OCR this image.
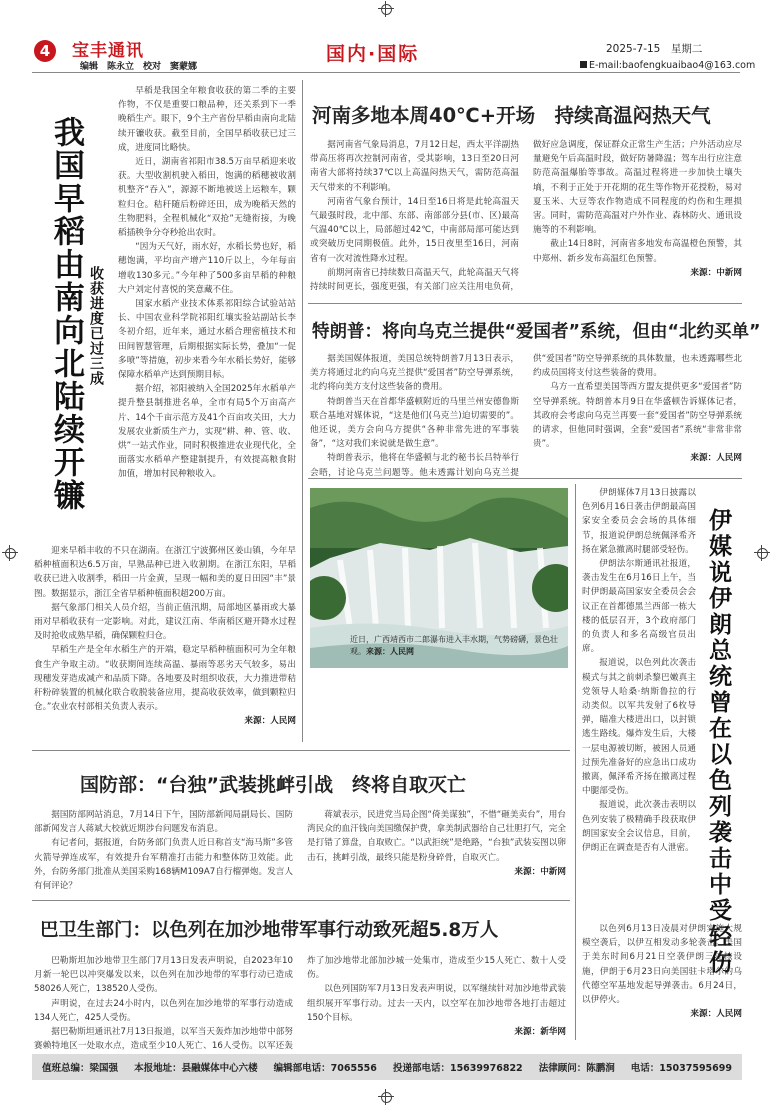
4	宝丰通讯
编辑　陈永立　校对　窦蒙娜
国内·国际	2025-7-15　星期二
E-mail:baofengkuaibao4@163.com
我国早稻由南向北陆续开镰 收获进度已过三成

早稻是我国全年粮食收获的第二季的主要作物，不仅是重要口粮品种，还关系到下一季晚稻生产。眼下，9个主产省份早稻由南向北陆续开镰收获。截至目前，全国早稻收获已过三成，进度同比略快。

近日，湖南省祁阳市38.5万亩早稻迎来收获。大型收割机驶入稻田，饱满的稻穗被收割机整齐“吞入”，源源不断地被送上运粮车，颗粒归仓。秸秆随后粉碎还田，成为晚稻天然的生物肥料，全程机械化“双抢”无缝衔接，为晚稻插秧争分夺秒抢出农时。

“因为天气好，雨水好，水稻长势也好，稻穗饱满，平均亩产增产110斤以上，今年每亩增收130多元。”今年种了500多亩早稻的种粮大户刘定付喜悦的笑意藏不住。

国家水稻产业技术体系祁阳综合试验站站长、中国农业科学院祁阳红壤实验站副站长李冬初介绍，近年来，通过水稻合理密植技术和田间智慧管理，后期根据实际长势，叠加“一促多喷”等措施，初步来看今年水稻长势好，能够保障水稻单产达到预期目标。

据介绍，祁阳被纳入全国2025年水稻单产提升整县制推进名单，全市有局5个万亩高产片、14个千亩示范方及41个百亩攻关田，大力发展农业新质生产力，实现“耕、种、管、收、烘”一站式作业，同时积极推进农业现代化，全面落实水稻单产整建制提升，有效提高粮食附加值，增加村民种粮收入。

迎来早稻丰收的不只在湖南。在浙江宁波鄞州区姜山镇，今年早稻种植面积达6.5万亩，早熟品种已进入收割期。在浙江东阳，早稻收获已进入收割季，稻田一片金黄，呈现一幅和美的夏日田园“丰”景图。数据显示，浙江全省早稻种植面积超200万亩。

据气象部门相关人员介绍，当前正值汛期，局部地区暴雨或大暴雨对早稻收获有一定影响。对此，建议江南、华南稻区避开降水过程及时抢收成熟早稻，确保颗粒归仓。

早稻生产是全年水稻生产的开端，稳定早稻种植面积可为全年粮食生产争取主动。“收获期间连续高温、暴雨等恶劣天气较多，易出现穗发芽造成减产和品质下降。各地要及时组织收获，大力推进带秸秆粉碎装置的机械化联合收脱装备应用，提高收获效率，做到颗粒归仓。”农业农村部相关负责人表示。

来源：人民网
河南多地本周40℃+开场　持续高温闷热天气

据河南省气象局消息，7月12日起，西太平洋副热带高压将再次控制河南省，受其影响，13日至20日河南省大部将持续37℃以上高温闷热天气，需防范高温天气带来的不利影响。

河南省气象台预计，14日至16日将是此轮高温天气最强时段，北中部、东部、南部部分县(市、区)最高气温40℃以上，局部超过42℃，中南部局部可能达到或突破历史同期极值。此外，15日夜里至16日，河南省有一次对流性降水过程。

前期河南省已持续数日高温天气，此轮高温天气将持续时间更长，强度更强，有关部门应关注用电负荷，做好应急调度，保证群众正常生产生活；户外活动应尽量避免午后高温时段，做好防暑降温；驾车出行应注意防范高温爆胎等事故。高温过程将进一步加快土壤失墒，不利于正处于开花期的花生等作物开花授粉，易对夏玉米、大豆等农作物造成不同程度的灼伤和生理损害。同时，需防范高温对户外作业、森林防火、通讯设施等的不利影响。

截止14日8时，河南省多地发布高温橙色预警，其中郑州、新乡发布高温红色预警。

来源：中新网
特朗普：将向乌克兰提供“爱国者”系统，但由“北约买单”

据美国媒体报道，美国总统特朗普7月13日表示，美方将通过北约向乌克兰提供“爱国者”防空导弹系统，北约将向美方支付这些装备的费用。

特朗普当天在首都华盛顿附近的马里兰州安德鲁斯联合基地对媒体说，“这是他们(乌克兰)迫切需要的”。他还说，美方会向乌方提供“各种非常先进的军事装备”，“这对我们来说就是做生意”。

特朗普表示，他将在华盛顿与北约秘书长吕特举行会晤，讨论乌克兰问题等。他未透露计划向乌克兰提供“爱国者”防空导弹系统的具体数量，也未透露哪些北约成员国将支付这些装备的费用。

乌方一直希望美国等西方盟友提供更多“爱国者”防空导弹系统。特朗普本月9日在华盛顿告诉媒体记者，其政府会考虑向乌克兰再要一套“爱国者”防空导弹系统的请求，但他同时强调，全套“爱国者”系统“非常非常贵”。

来源：人民网
近日，广西靖西市二郎瀑布进入丰水期，气势磅礴，景色壮观。来源：人民网

伊朗媒体7月13日披露以色列6月16日袭击伊朗最高国家安全委员会会场的具体细节，报道说伊朗总统佩泽希齐扬在紧急撤离时腿部受轻伤。

伊朗法尔斯通讯社报道，袭击发生在6月16日上午，当时伊朗最高国家安全委员会会议正在首都德黑兰西部一栋大楼的低层召开，3个政府部门的负责人和多名高级官员出席。

报道说，以色列此次袭击模式与其之前刺杀黎巴嫩真主党领导人哈桑·纳斯鲁拉的行动类似。以军共发射了6枚导弹，瞄准大楼进出口，以封锁逃生路线。爆炸发生后，大楼一层电源被切断，被困人员通过预先准备好的应急出口成功撤离，佩泽希齐扬在撤离过程中腿部受伤。

报道说，此次袭击表明以色列安装了极精确手段获取伊朗国家安全会议信息，目前，伊朗正在调查是否有人泄密。 伊媒说伊朗总统曾在以色列袭击中受轻伤

以色列6月13日凌晨对伊朗实施大规模空袭后，以伊互相发动多轮袭击。美国于美东时间6月21日空袭伊朗三处核设施，伊朗于6月23日向美国驻卡塔尔的乌代德空军基地发起导弹袭击。6月24日，以伊停火。

来源：人民网
国防部：“台独”武装挑衅引战　终将自取灭亡

据国防部网站消息，7月14日下午，国防部新闻局副局长、国防部新闻发言人蒋斌大校就近期涉台问题发布消息。

有记者问，据报道，台防务部门负责人近日称首支“海马斯”多管火箭导弹连成军，有效提升台军精准打击能力和整体防卫效能。此外，台防务部门批准从美国采购168辆M109A7自行榴弹炮。发言人有何评论？

蒋斌表示，民进党当局企图“倚美谋独”，不惜“砸美卖台”，用台湾民众的血汗钱向美国缴保护费，拿美制武器给自己壮胆打气，完全是打错了算盘，自取败亡。“以武拒统”是绝路，“台独”武装妄图以卵击石，挑衅引战，最终只能是粉身碎骨，自取灭亡。

来源：中新网
巴卫生部门：以色列在加沙地带军事行动致死超5.8万人

巴勒斯坦加沙地带卫生部门7月13日发表声明说，自2023年10月新一轮巴以冲突爆发以来，以色列在加沙地带的军事行动已造成58026人死亡，138520人受伤。

声明说，在过去24小时内，以色列在加沙地带的军事行动造成134人死亡，425人受伤。

据巴勒斯坦通讯社7月13日报道，以军当天轰炸加沙地带中部努赛赖特地区一处取水点，造成至少10人死亡、16人受伤。以军还轰炸了加沙地带北部加沙城一处集市，造成至少15人死亡、数十人受伤。

以色列国防军7月13日发表声明说，以军继续针对加沙地带武装组织展开军事行动。过去一天内，以空军在加沙地带各地打击超过150个目标。

来源：新华网
值班总编：梁国强 本报地址：县融媒体中心六楼 编辑部电话：7065556 投递部电话：15639976822 法律顾问：陈鹏涧 电话：15037595699
